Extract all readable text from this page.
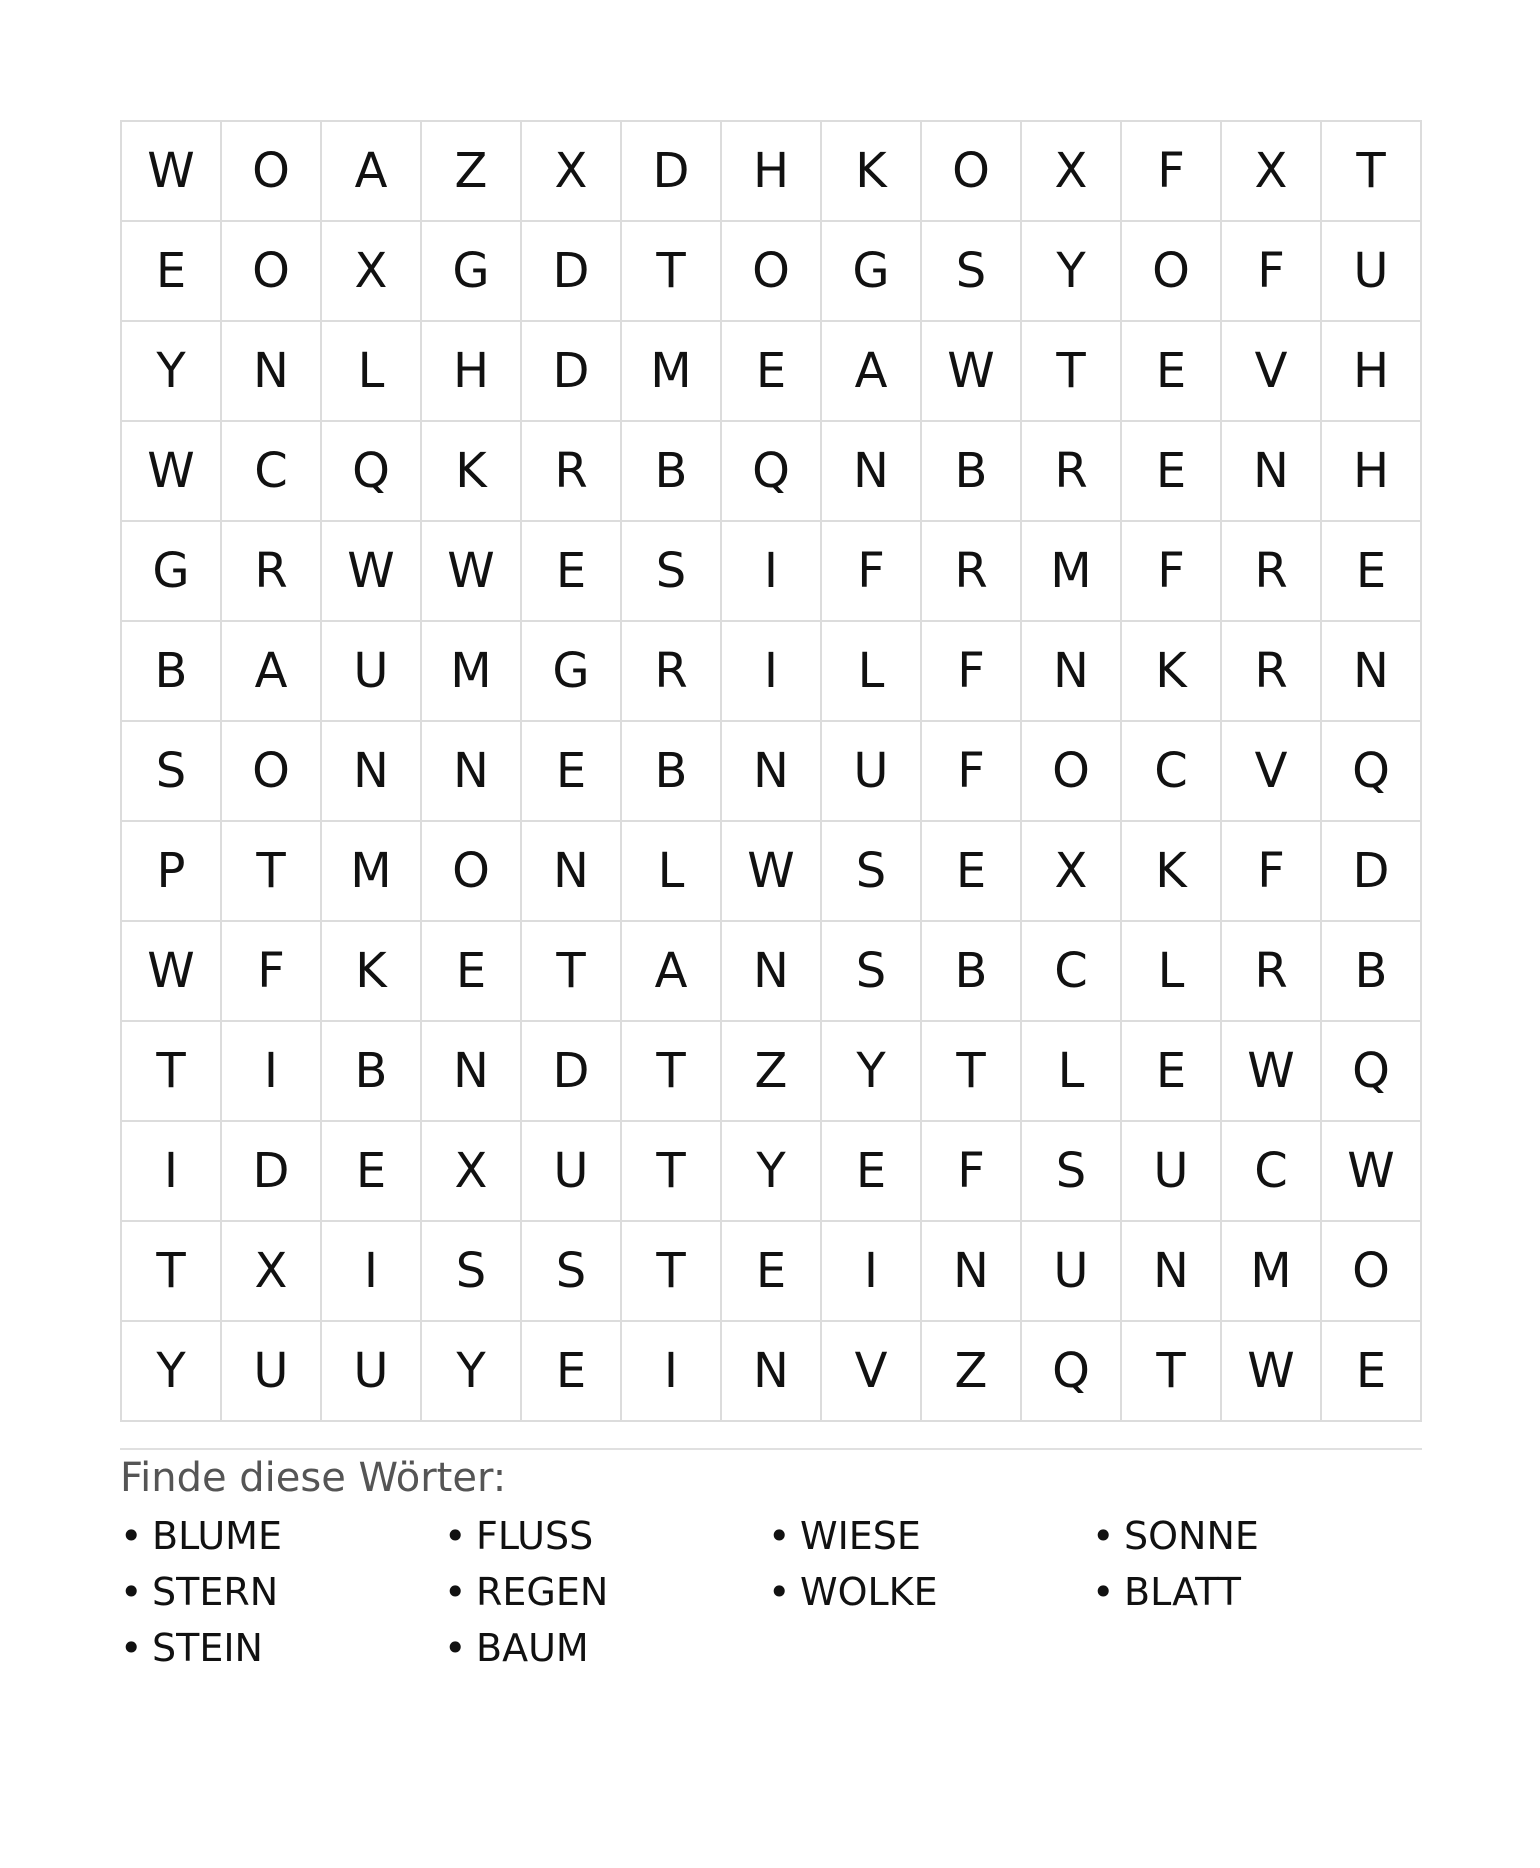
W	O	A	Z	X	D	H	K	O	X	F	X	T
E	O	X	G	D	T	O	G	S	Y	O	F	U
Y	N	L	H	D	M	E	A	W	T	E	V	H
W	C	Q	K	R	B	Q	N	B	R	E	N	H
G	R	W	W	E	S	I	F	R	M	F	R	E
B	A	U	M	G	R	I	L	F	N	K	R	N
S	O	N	N	E	B	N	U	F	O	C	V	Q
P	T	M	O	N	L	W	S	E	X	K	F	D
W	F	K	E	T	A	N	S	B	C	L	R	B
T	I	B	N	D	T	Z	Y	T	L	E	W	Q
I	D	E	X	U	T	Y	E	F	S	U	C	W
T	X	I	S	S	T	E	I	N	U	N	M	O
Y	U	U	Y	E	I	N	V	Z	Q	T	W	E
Finde diese Wörter:
• BLUME	• FLUSS	• WIESE	• SONNE
• STERN	• REGEN	• WOLKE	• BLATT
• STEIN	• BAUM
